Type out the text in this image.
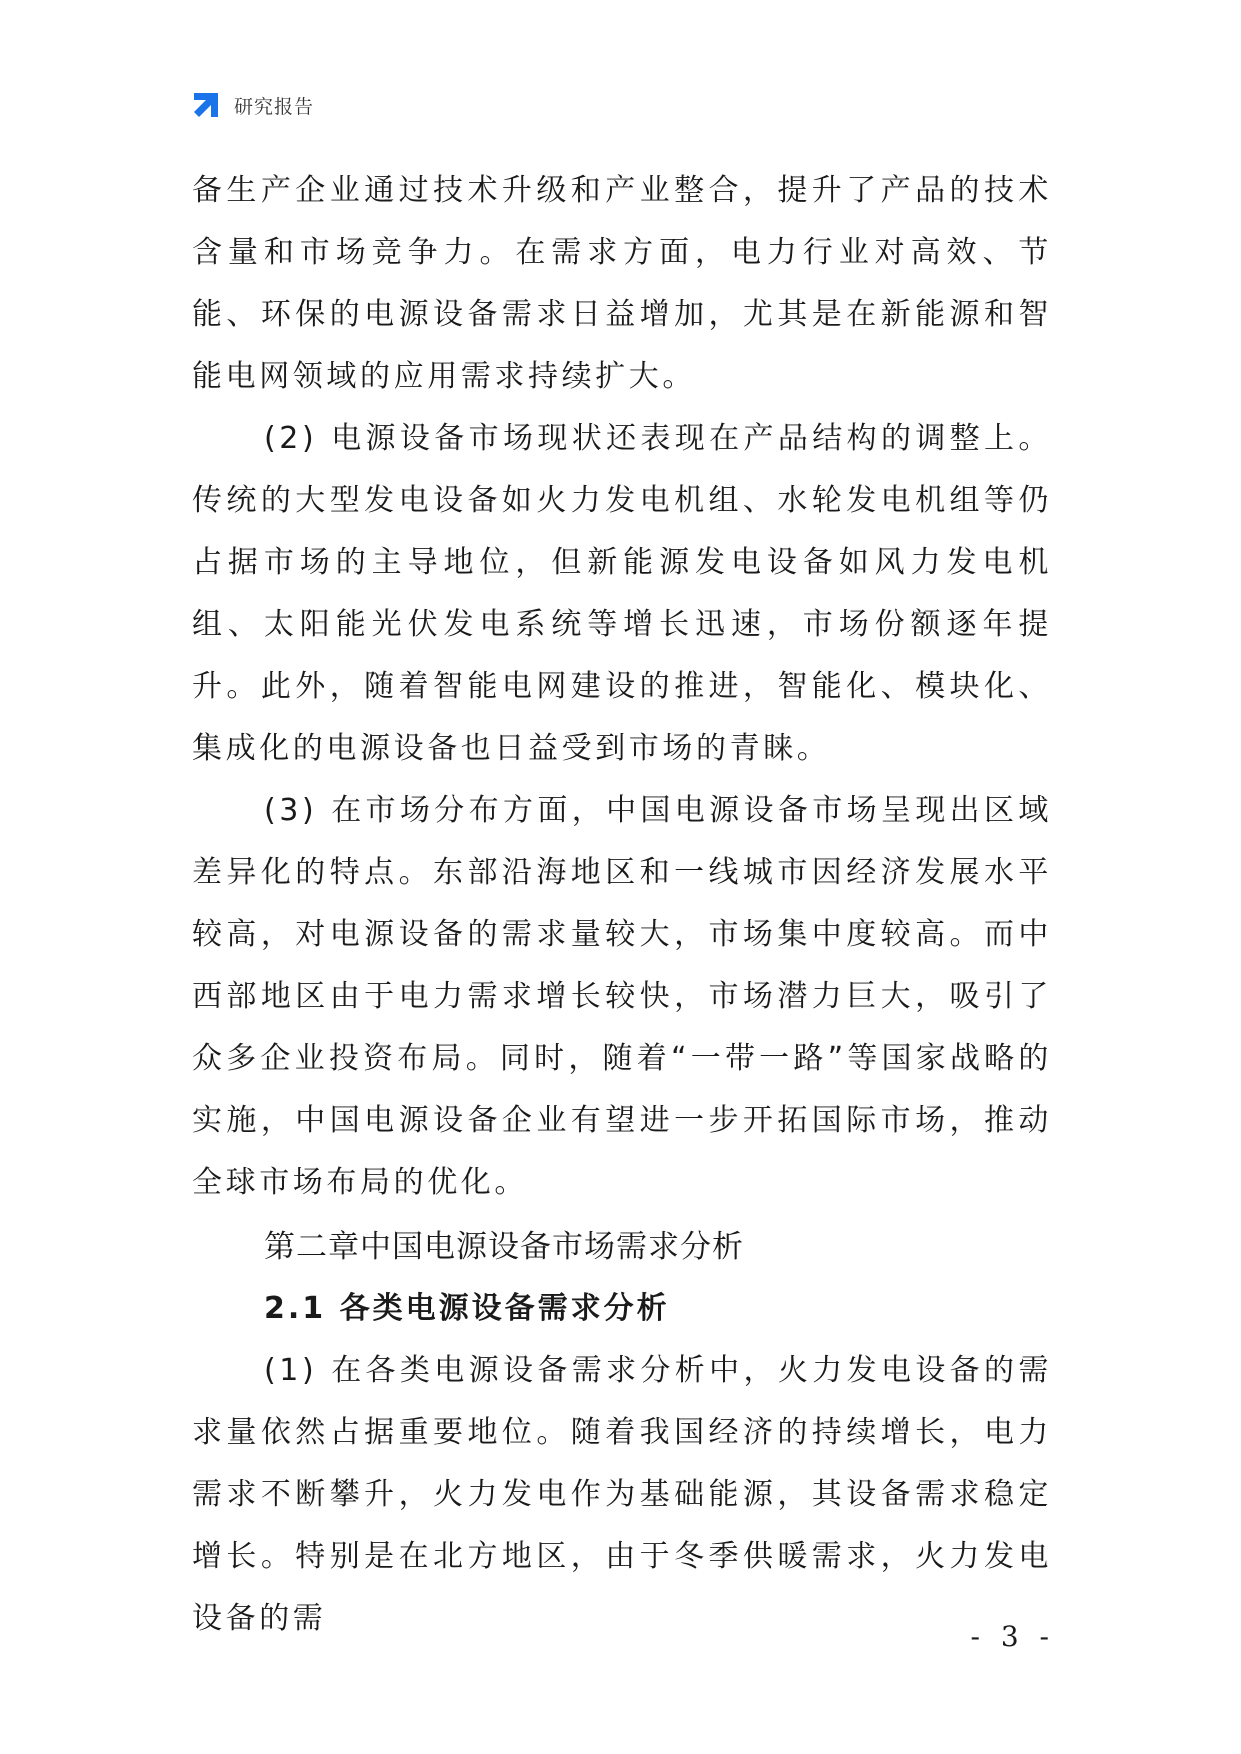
研究报告

备生产企业通过技术升级和产业整合，提升了产品的技术含量和市场竞争力。在需求方面，电力行业对高效、节能、环保的电源设备需求日益增加，尤其是在新能源和智能电网领域的应用需求持续扩大。

(2) 电源设备市场现状还表现在产品结构的调整上。传统的大型发电设备如火力发电机组、水轮发电机组等仍占据市场的主导地位，但新能源发电设备如风力发电机组、太阳能光伏发电系统等增长迅速，市场份额逐年提升。此外，随着智能电网建设的推进，智能化、模块化、集成化的电源设备也日益受到市场的青睐。

(3) 在市场分布方面，中国电源设备市场呈现出区域差异化的特点。东部沿海地区和一线城市因经济发展水平较高，对电源设备的需求量较大，市场集中度较高。而中西部地区由于电力需求增长较快，市场潜力巨大，吸引了众多企业投资布局。同时，随着“一带一路”等国家战略的实施，中国电源设备企业有望进一步开拓国际市场，推动全球市场布局的优化。

第二章中国电源设备市场需求分析
2.1 各类电源设备需求分析

(1) 在各类电源设备需求分析中，火力发电设备的需求量依然占据重要地位。随着我国经济的持续增长，电力需求不断攀升，火力发电作为基础能源，其设备需求稳定增长。特别是在北方地区，由于冬季供暖需求，火力发电设备的需

- 3 -
